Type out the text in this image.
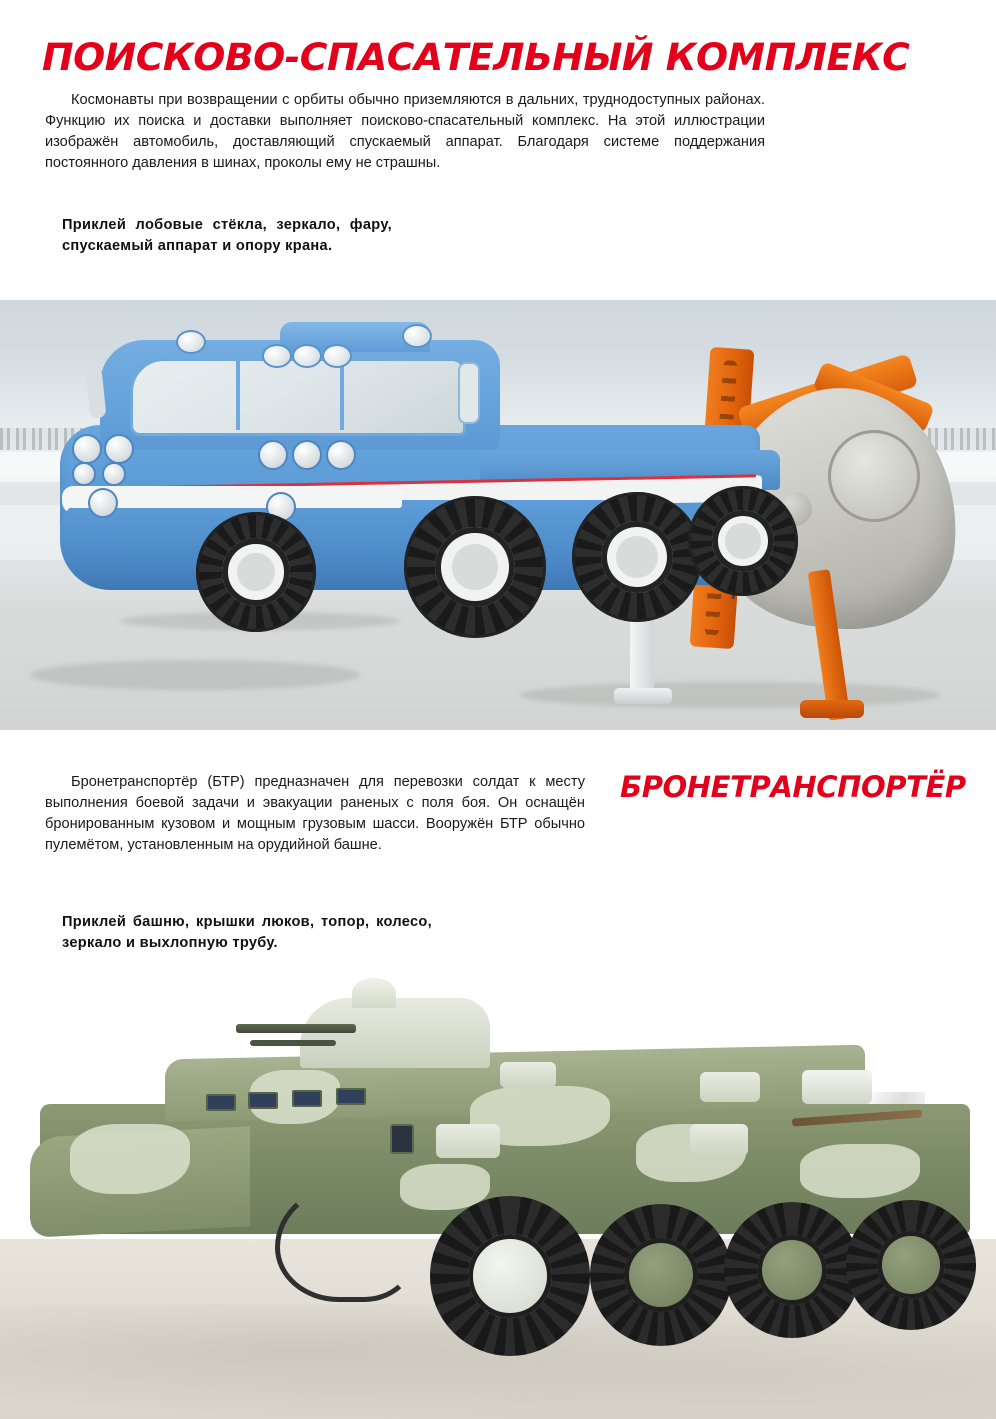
ПОИСКОВО-СПАСАТЕЛЬНЫЙ КОМПЛЕКС
Космонавты при возвращении с орбиты обычно приземляются в дальних, труднодоступных районах. Функцию их поиска и доставки выполняет поисково-спасательный комплекс. На этой иллюстрации изображён автомобиль, доставляющий спускаемый аппарат. Благодаря системе поддержания постоянного давления в шинах, проколы ему не страшны.
Приклей лобовые стёкла, зеркало, фару, спускаемый аппарат и опору крана.
БРОНЕТРАНСПОРТЁР
Бронетранспортёр (БТР) предназначен для перевозки солдат к месту выполнения боевой задачи и эвакуации раненых с поля боя. Он оснащён бронированным кузовом и мощным грузовым шасси. Вооружён БТР обычно пулемётом, установленным на орудийной башне.
Приклей башню, крышки люков, топор, колесо, зеркало и выхлопную трубу.
